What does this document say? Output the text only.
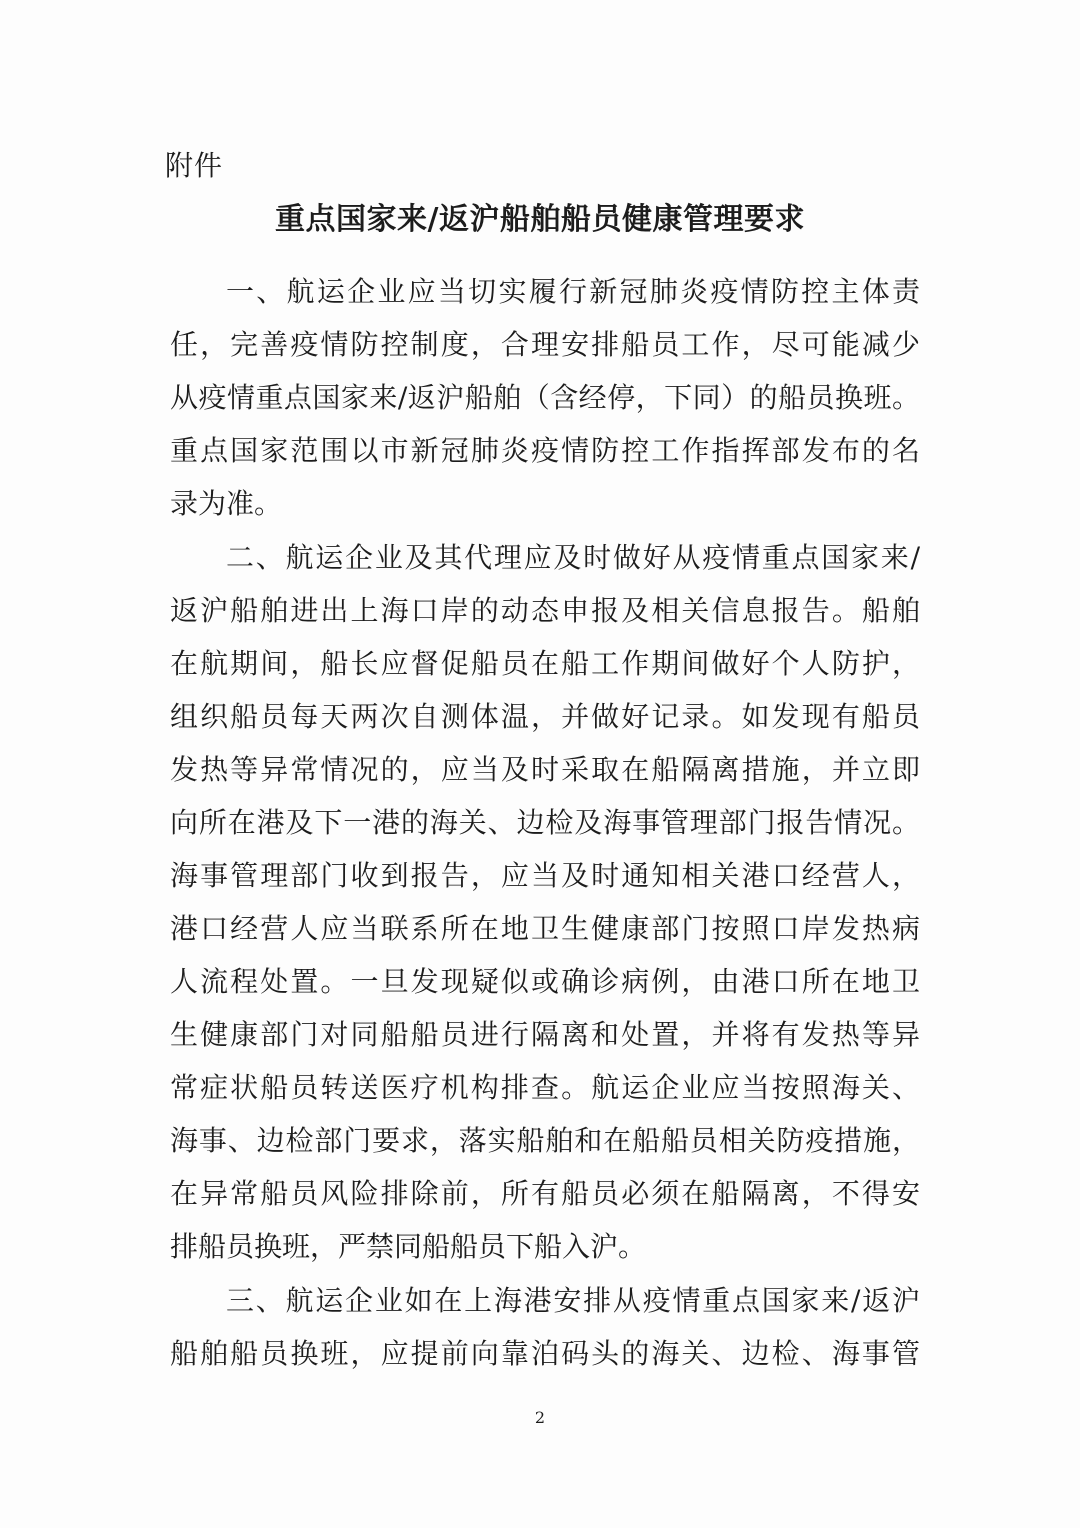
附件
重点国家来/返沪船舶船员健康管理要求
一、航运企业应当切实履行新冠肺炎疫情防控主体责
任，完善疫情防控制度，合理安排船员工作，尽可能减少
从疫情重点国家来/返沪船舶（含经停，下同）的船员换班。
重点国家范围以市新冠肺炎疫情防控工作指挥部发布的名
录为准。
二、航运企业及其代理应及时做好从疫情重点国家来/
返沪船舶进出上海口岸的动态申报及相关信息报告。船舶
在航期间，船长应督促船员在船工作期间做好个人防护，
组织船员每天两次自测体温，并做好记录。如发现有船员
发热等异常情况的，应当及时采取在船隔离措施，并立即
向所在港及下一港的海关、边检及海事管理部门报告情况。
海事管理部门收到报告，应当及时通知相关港口经营人，
港口经营人应当联系所在地卫生健康部门按照口岸发热病
人流程处置。一旦发现疑似或确诊病例，由港口所在地卫
生健康部门对同船船员进行隔离和处置，并将有发热等异
常症状船员转送医疗机构排查。航运企业应当按照海关、
海事、边检部门要求，落实船舶和在船船员相关防疫措施，
在异常船员风险排除前，所有船员必须在船隔离，不得安
排船员换班，严禁同船船员下船入沪。
三、航运企业如在上海港安排从疫情重点国家来/返沪
船舶船员换班，应提前向靠泊码头的海关、边检、海事管
2
